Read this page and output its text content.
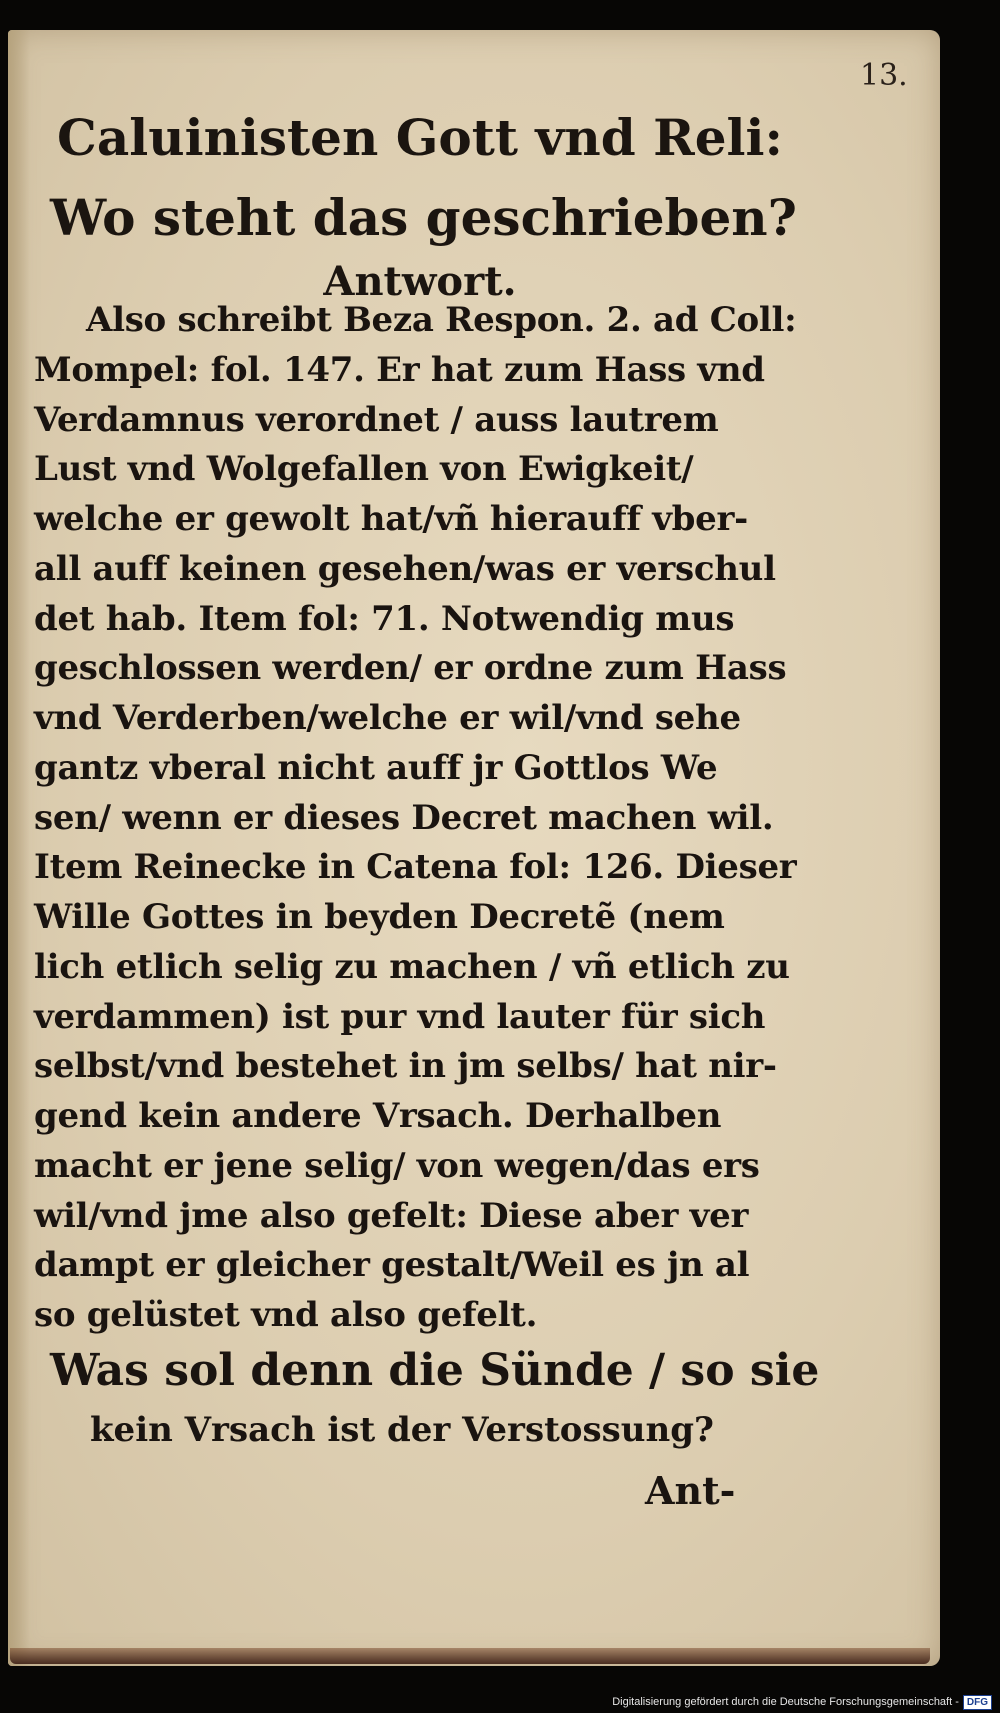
13.
Caluinisten Gott vnd Reli:
Wo steht das geschrieben?
Antwort.
Also schreibt Beza Respon. 2. ad Coll:
Mompel: fol. 147. Er hat zum Hass vnd
Verdamnus verordnet / auss lautrem
Lust vnd Wolgefallen von Ewigkeit/
welche er gewolt hat/vñ hierauff vber-
all auff keinen gesehen/was er verschul
det hab. Item fol: 71. Notwendig mus
geschlossen werden/ er ordne zum Hass
vnd Verderben/welche er wil/vnd sehe
gantz vberal nicht auff jr Gottlos We
sen/ wenn er dieses Decret machen wil.
Item Reinecke in Catena fol: 126. Dieser
Wille Gottes in beyden Decretẽ (nem
lich etlich selig zu machen / vñ etlich zu
verdammen) ist pur vnd lauter für sich
selbst/vnd bestehet in jm selbs/ hat nir-
gend kein andere Vrsach. Derhalben
macht er jene selig/ von wegen/das ers
wil/vnd jme also gefelt: Diese aber ver
dampt er gleicher gestalt/Weil es jn al
so gelüstet vnd also gefelt.
Was sol denn die Sünde / so sie
kein Vrsach ist der Verstossung?
Ant-
Digitalisierung gefördert durch die Deutsche Forschungsgemeinschaft - DFG
